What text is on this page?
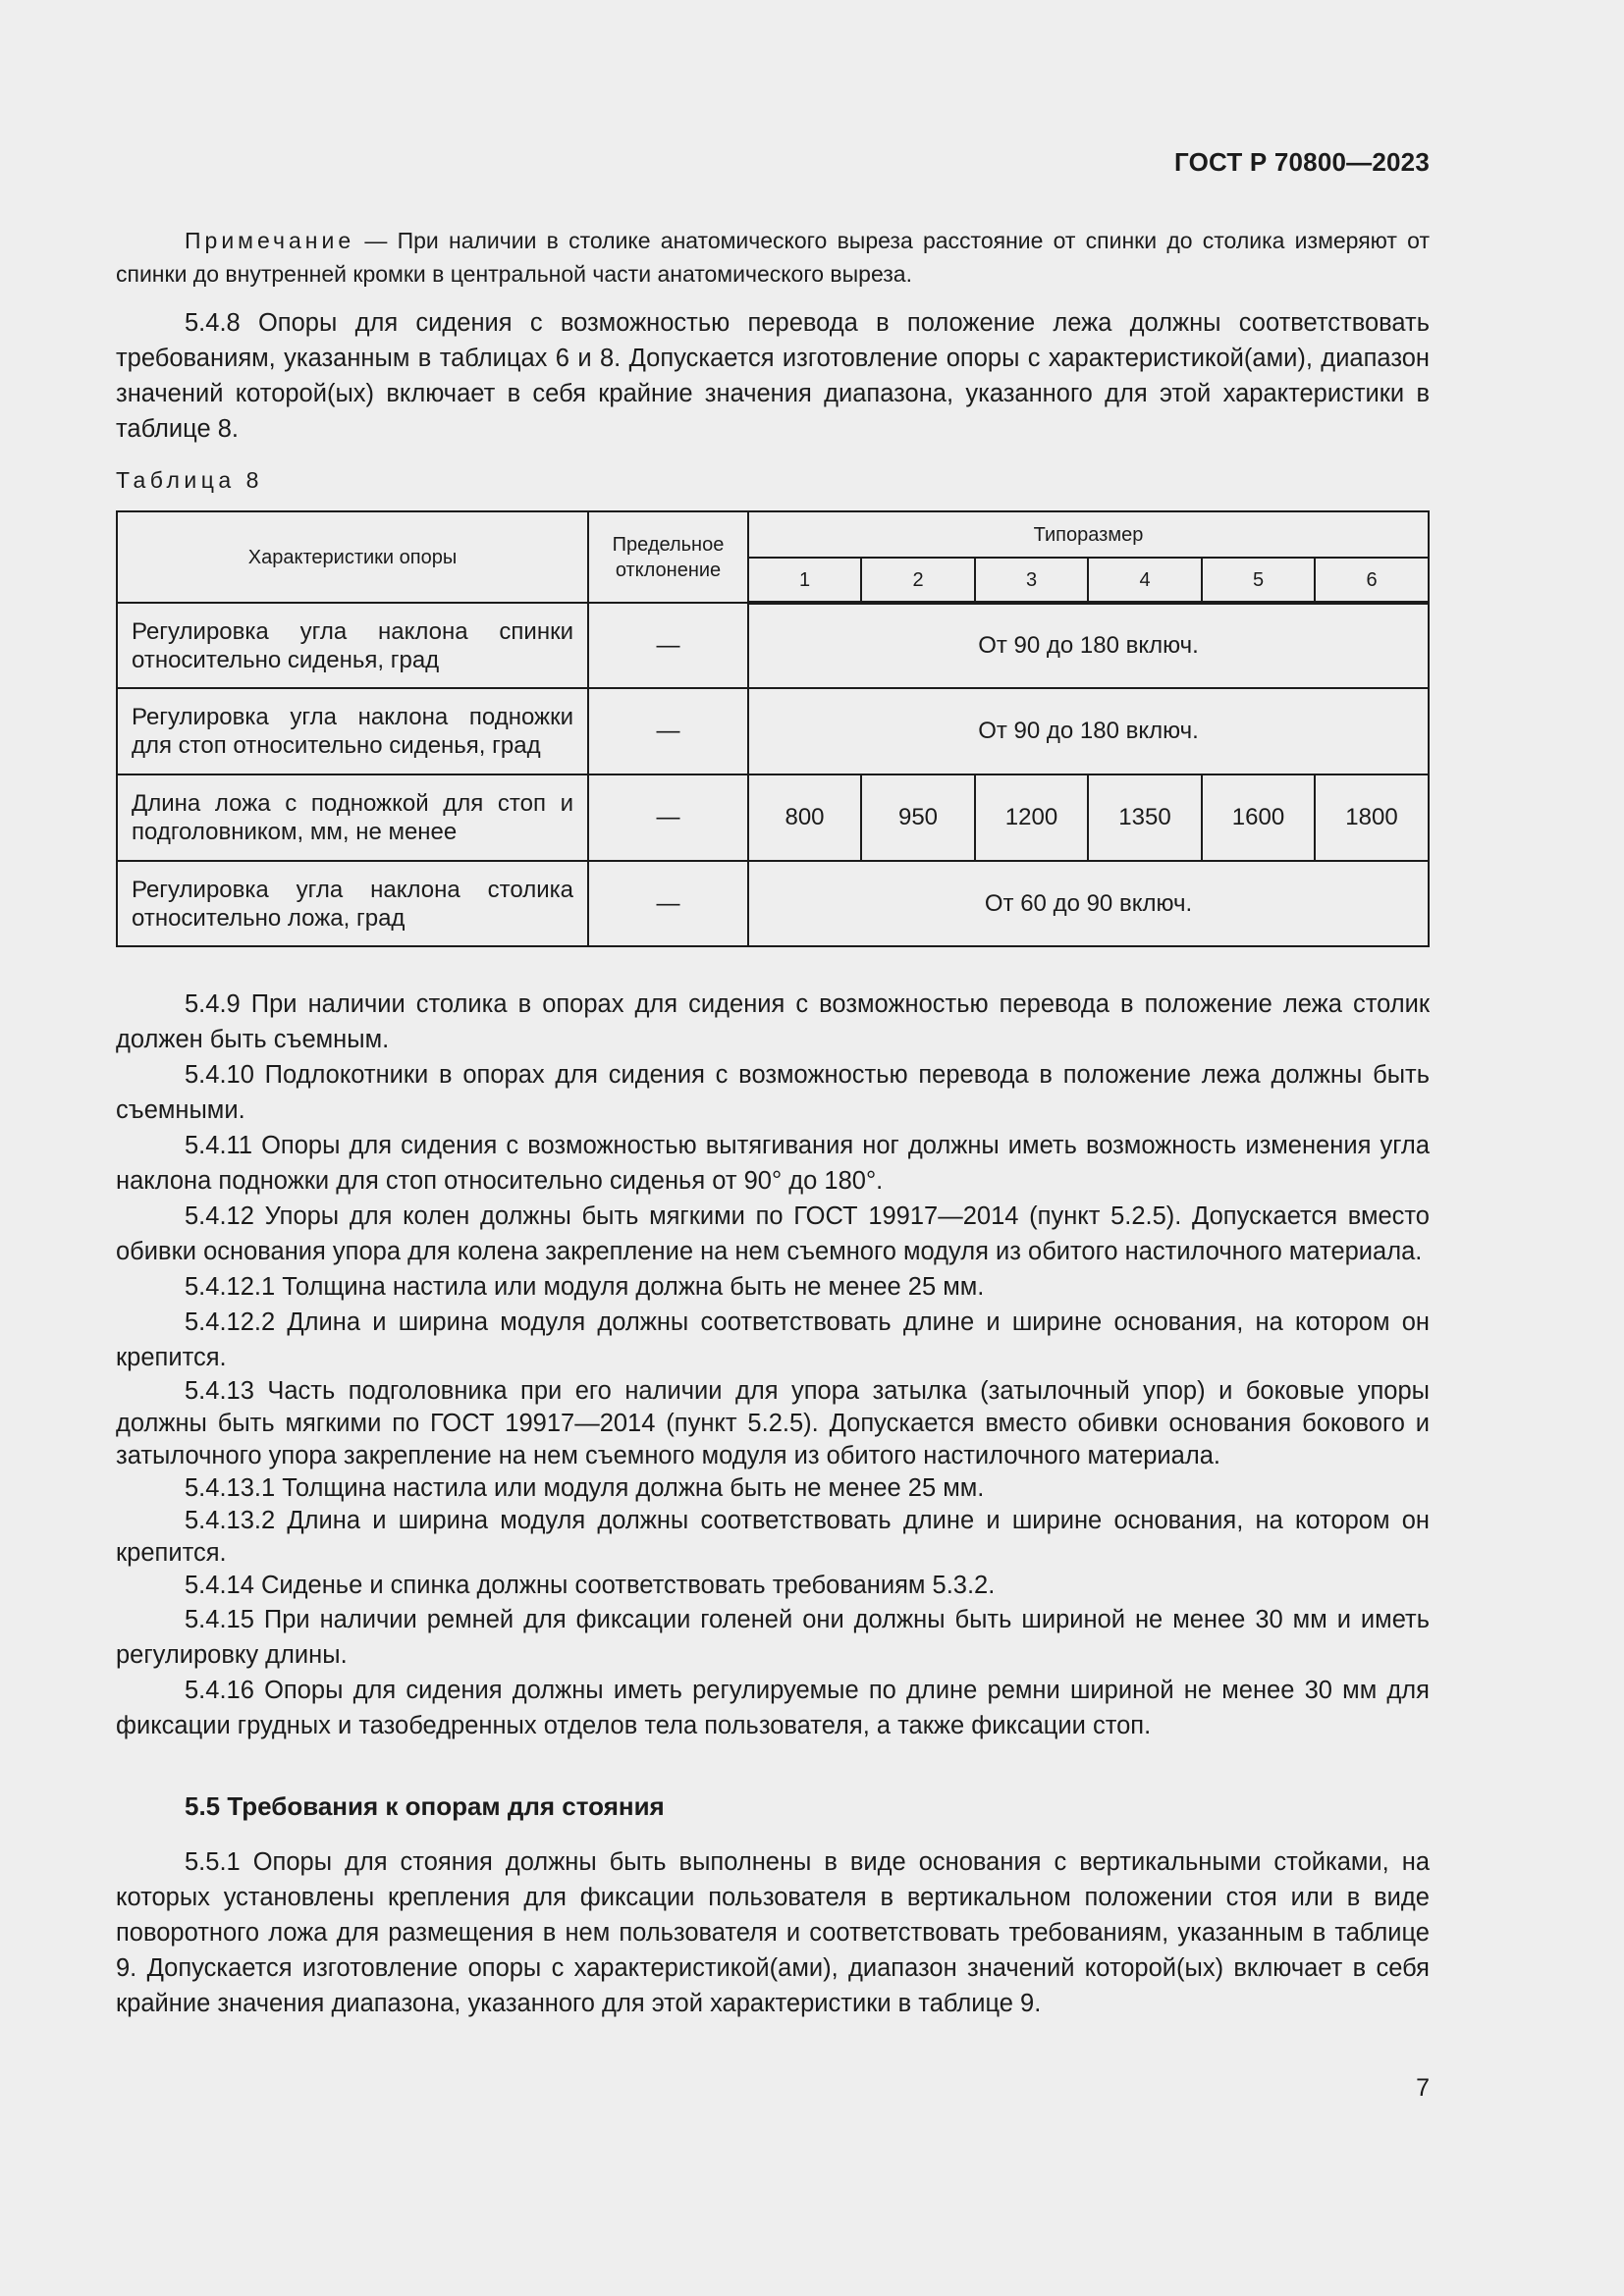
ГОСТ Р 70800—2023

Примечание — При наличии в столике анатомического выреза расстояние от спинки до столика измеряют от спинки до внутренней кромки в центральной части анатомического выреза.

5.4.8 Опоры для сидения с возможностью перевода в положение лежа должны соответствовать требованиям, указанным в таблицах 6 и 8. Допускается изготовление опоры с характеристикой(ами), диапазон значений которой(ых) включает в себя крайние значения диапазона, указанного для этой характеристики в таблице 8.

Таблица 8
Характеристики опоры	Предельное отклонение	Типоразмер					
		1	2	3	4	5	6
Регулировка угла наклона спинки относительно сиденья, град	—	От 90 до 180 включ.					
Регулировка угла наклона подножки для стоп относительно сиденья, град	—	От 90 до 180 включ.					
Длина ложа с подножкой для стоп и подголовником, мм, не менее	—	800	950	1200	1350	1600	1800
Регулировка угла наклона столика относительно ложа, град	—	От 60 до 90 включ.					

5.4.9 При наличии столика в опорах для сидения с возможностью перевода в положение лежа столик должен быть съемным.

5.4.10 Подлокотники в опорах для сидения с возможностью перевода в положение лежа должны быть съемными.

5.4.11 Опоры для сидения с возможностью вытягивания ног должны иметь возможность изменения угла наклона подножки для стоп относительно сиденья от 90° до 180°.

5.4.12 Упоры для колен должны быть мягкими по ГОСТ 19917—2014 (пункт 5.2.5). Допускается вместо обивки основания упора для колена закрепление на нем съемного модуля из обитого настилочного материала.

5.4.12.1 Толщина настила или модуля должна быть не менее 25 мм.

5.4.12.2 Длина и ширина модуля должны соответствовать длине и ширине основания, на котором он крепится.

5.4.13 Часть подголовника при его наличии для упора затылка (затылочный упор) и боковые упоры должны быть мягкими по ГОСТ 19917—2014 (пункт 5.2.5). Допускается вместо обивки основания бокового и затылочного упора закрепление на нем съемного модуля из обитого настилочного материала.

5.4.13.1 Толщина настила или модуля должна быть не менее 25 мм.

5.4.13.2 Длина и ширина модуля должны соответствовать длине и ширине основания, на котором он крепится.

5.4.14 Сиденье и спинка должны соответствовать требованиям 5.3.2.

5.4.15 При наличии ремней для фиксации голеней они должны быть шириной не менее 30 мм и иметь регулировку длины.

5.4.16 Опоры для сидения должны иметь регулируемые по длине ремни шириной не менее 30 мм для фиксации грудных и тазобедренных отделов тела пользователя, а также фиксации стоп.

5.5 Требования к опорам для стояния

5.5.1 Опоры для стояния должны быть выполнены в виде основания с вертикальными стойками, на которых установлены крепления для фиксации пользователя в вертикальном положении стоя или в виде поворотного ложа для размещения в нем пользователя и соответствовать требованиям, указанным в таблице 9. Допускается изготовление опоры с характеристикой(ами), диапазон значений которой(ых) включает в себя крайние значения диапазона, указанного для этой характеристики в таблице 9.

7
